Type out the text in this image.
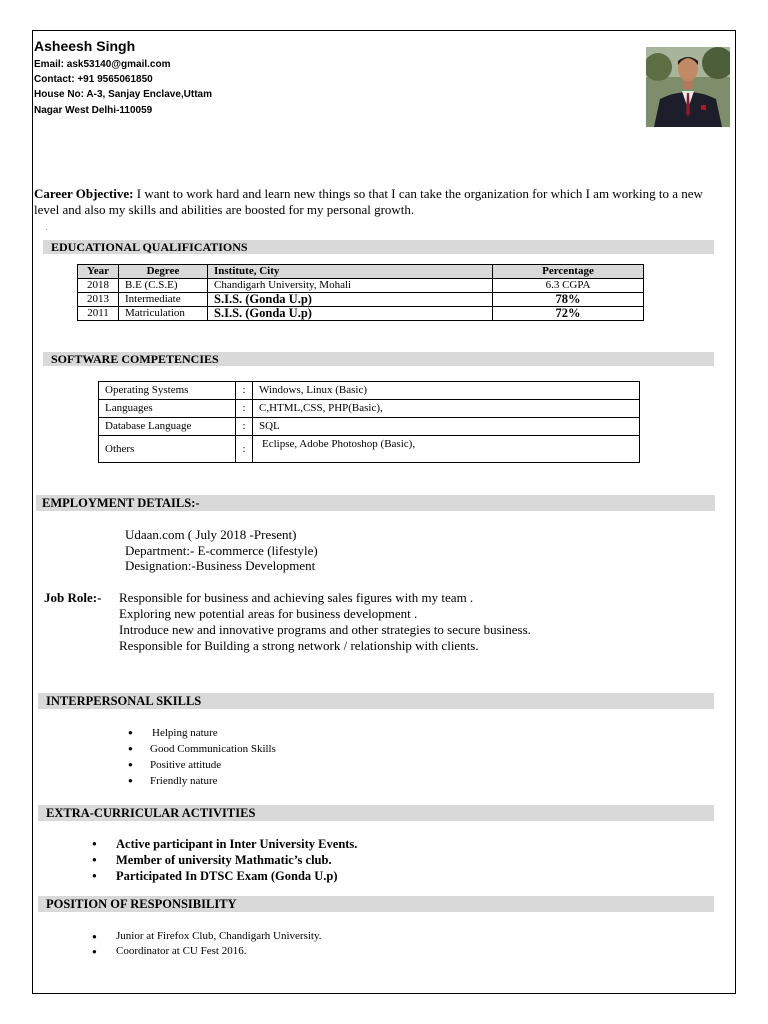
Asheesh Singh
Email: ask53140@gmail.com
Contact: +91 9565061850
House No: A-3, Sanjay Enclave,Uttam
Nagar West Delhi-110059
Career Objective: I want to work hard and learn new things so that I can take the organization for which I am working to a new level and also my skills and abilities are boosted for my personal growth.
.
EDUCATIONAL QUALIFICATIONS
Year	Degree	Institute, City	Percentage
2018	B.E (C.S.E)	Chandigarh University, Mohali	6.3 CGPA
2013	Intermediate	S.I.S. (Gonda U.p)	78%
2011	Matriculation	S.I.S. (Gonda U.p)	72%
SOFTWARE COMPETENCIES
Operating Systems	:	Windows, Linux (Basic)
Languages	:	C,HTML,CSS, PHP(Basic),
Database Language	:	SQL
Others	:	Eclipse, Adobe Photoshop (Basic),
EMPLOYMENT DETAILS:-
Udaan.com ( July 2018 -Present)
Department:- E-commerce (lifestyle)
Designation:-Business Development
Job Role:- Responsible for business and achieving sales figures with my team .
Exploring new potential areas for business development .
Introduce new and innovative programs and other strategies to secure business.
Responsible for Building a strong network / relationship with clients.
INTERPERSONAL SKILLS
● Helping nature
● Good Communication Skills
● Positive attitude
● Friendly nature
EXTRA-CURRICULAR ACTIVITIES
● Active participant in Inter University Events.
● Member of university Mathmatic’s club.
● Participated In DTSC Exam (Gonda U.p)
POSITION OF RESPONSIBILITY
● Junior at Firefox Club, Chandigarh University.
● Coordinator at CU Fest 2016.
